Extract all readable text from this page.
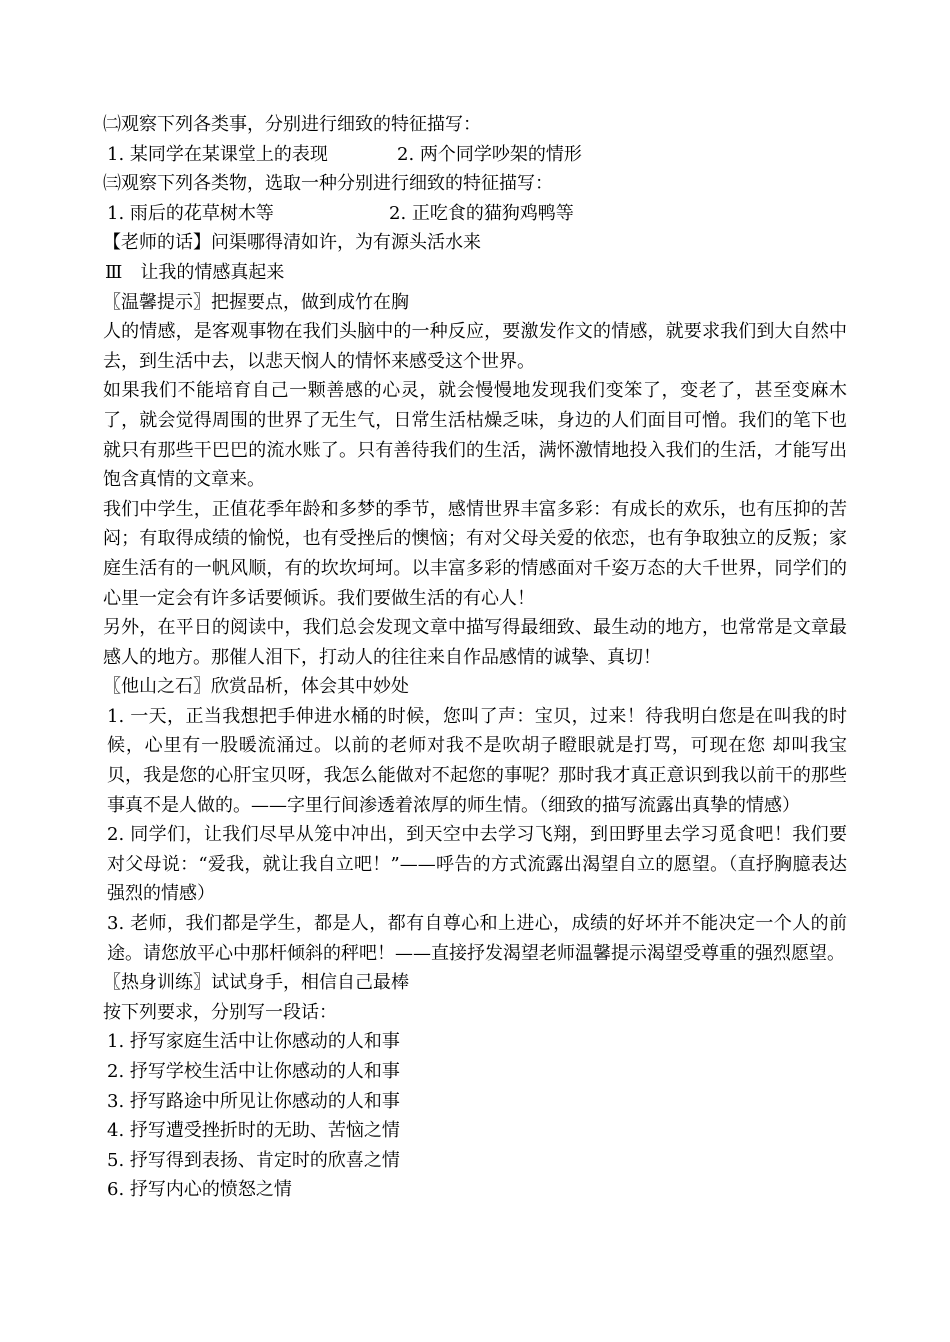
㈡观察下列各类事，分别进行细致的特征描写：
1. 某同学在某课堂上的表现	2. 两个同学吵架的情形
㈢观察下列各类物，选取一种分别进行细致的特征描写：
1. 雨后的花草树木等	2. 正吃食的猫狗鸡鸭等
【老师的话】问渠哪得清如许，为有源头活水来
Ⅲ　让我的情感真起来
〖温馨提示〗把握要点，做到成竹在胸
人的情感，是客观事物在我们头脑中的一种反应，要激发作文的情感，就要求我们到大自然中去，到生活中去，以悲天悯人的情怀来感受这个世界。
如果我们不能培育自己一颗善感的心灵，就会慢慢地发现我们变笨了，变老了，甚至变麻木了，就会觉得周围的世界了无生气，日常生活枯燥乏味，身边的人们面目可憎。我们的笔下也就只有那些干巴巴的流水账了。只有善待我们的生活，满怀激情地投入我们的生活，才能写出饱含真情的文章来。
我们中学生，正值花季年龄和多梦的季节，感情世界丰富多彩：有成长的欢乐，也有压抑的苦闷；有取得成绩的愉悦，也有受挫后的懊恼；有对父母关爱的依恋，也有争取独立的反叛；家庭生活有的一帆风顺，有的坎坎坷坷。以丰富多彩的情感面对千姿万态的大千世界，同学们的心里一定会有许多话要倾诉。我们要做生活的有心人！
另外，在平日的阅读中，我们总会发现文章中描写得最细致、最生动的地方，也常常是文章最感人的地方。那催人泪下，打动人的往往来自作品感情的诚挚、真切！
〖他山之石〗欣赏品析，体会其中妙处
1. 一天，正当我想把手伸进水桶的时候，您叫了声：宝贝，过来！待我明白您是在叫我的时候，心里有一股暖流涌过。以前的老师对我不是吹胡子瞪眼就是打骂，可现在您 却叫我宝贝，我是您的心肝宝贝呀，我怎么能做对不起您的事呢？那时我才真正意识到我以前干的那些事真不是人做的。——字里行间渗透着浓厚的师生情。（细致的描写流露出真挚的情感）
2. 同学们，让我们尽早从笼中冲出，到天空中去学习飞翔，到田野里去学习觅食吧！我们要对父母说：“爱我，就让我自立吧！”——呼告的方式流露出渴望自立的愿望。（直抒胸臆表达强烈的情感）
3. 老师，我们都是学生，都是人，都有自尊心和上进心，成绩的好坏并不能决定一个人的前途。请您放平心中那杆倾斜的秤吧！——直接抒发渴望老师温馨提示渴望受尊重的强烈愿望。
〖热身训练〗试试身手，相信自己最棒
按下列要求，分别写一段话：
1. 抒写家庭生活中让你感动的人和事
2. 抒写学校生活中让你感动的人和事
3. 抒写路途中所见让你感动的人和事
4. 抒写遭受挫折时的无助、苦恼之情
5. 抒写得到表扬、肯定时的欣喜之情
6. 抒写内心的愤怒之情
